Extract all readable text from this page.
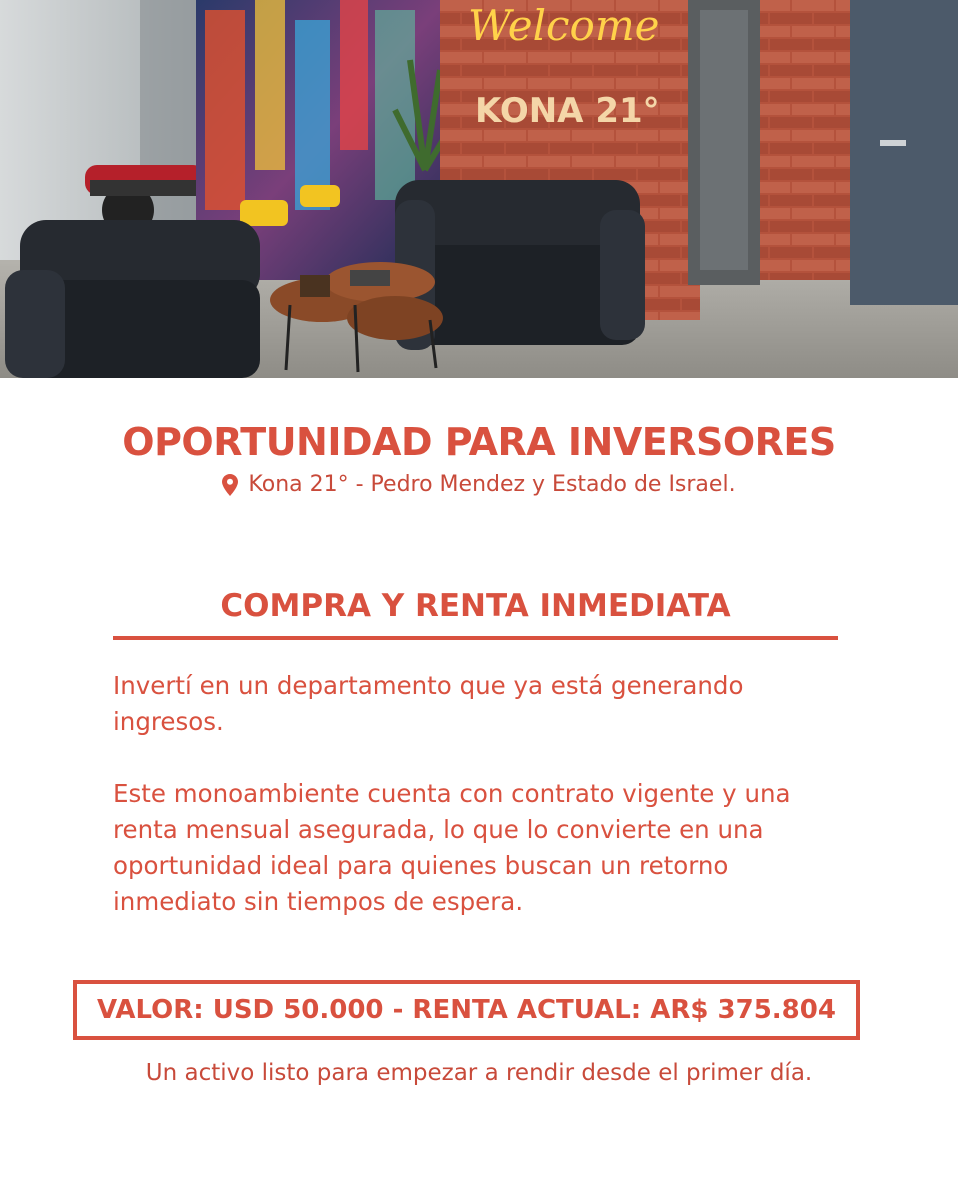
Welcome
KONA 21°
OPORTUNIDAD PARA INVERSORES
Kona 21° - Pedro Mendez y Estado de Israel.
COMPRA Y RENTA INMEDIATA

Invertí en un departamento que ya está generando ingresos.

Este monoambiente cuenta con contrato vigente y una renta mensual asegurada, lo que lo convierte en una oportunidad ideal para quienes buscan un retorno inmediato sin tiempos de espera.

VALOR: USD 50.000 - RENTA ACTUAL: AR$ 375.804

Un activo listo para empezar a rendir desde el primer día.
